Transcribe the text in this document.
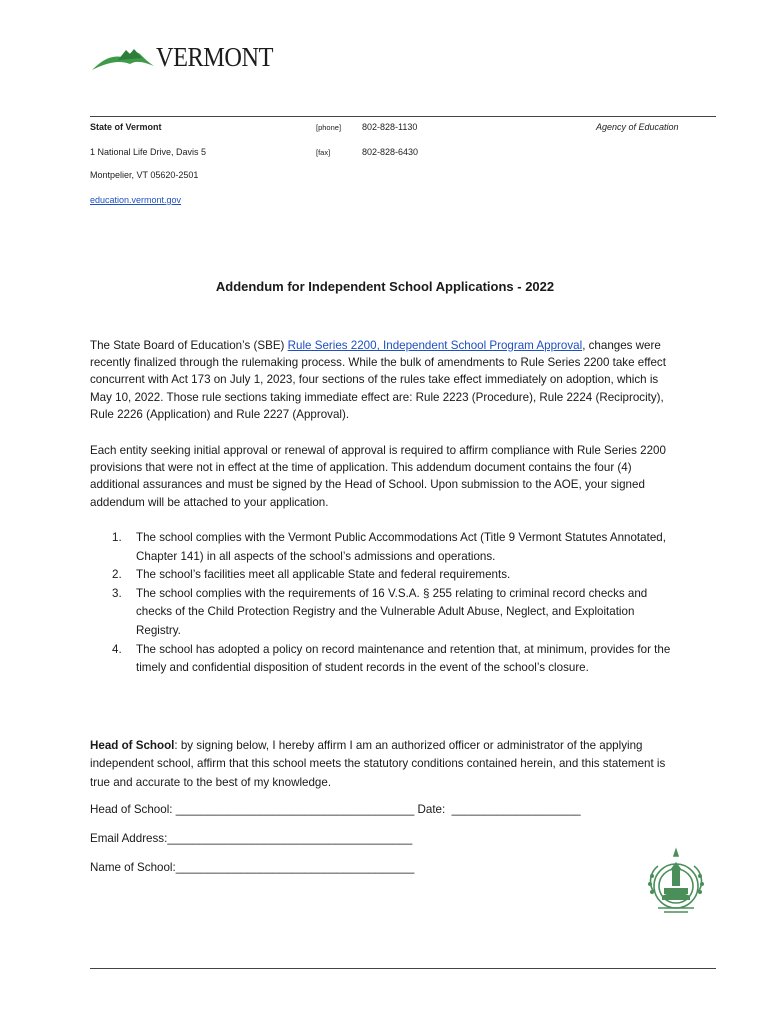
VERMONT
State of Vermont
1 National Life Drive, Davis 5
Montpelier, VT 05620-2501
education.vermont.gov
[phone] 802-828-1130
[fax]	802-828-6430
Agency of Education
Addendum for Independent School Applications - 2022
The State Board of Education’s (SBE) Rule Series 2200, Independent School Program Approval, changes were recently finalized through the rulemaking process. While the bulk of amendments to Rule Series 2200 take effect concurrent with Act 173 on July 1, 2023, four sections of the rules take effect immediately on adoption, which is May 10, 2022. Those rule sections taking immediate effect are: Rule 2223 (Procedure), Rule 2224 (Reciprocity), Rule 2226 (Application) and Rule 2227 (Approval).
Each entity seeking initial approval or renewal of approval is required to affirm compliance with Rule Series 2200 provisions that were not in effect at the time of application. This addendum document contains the four (4) additional assurances and must be signed by the Head of School. Upon submission to the AOE, your signed addendum will be attached to your application.
1. The school complies with the Vermont Public Accommodations Act (Title 9 Vermont Statutes Annotated, Chapter 141) in all aspects of the school’s admissions and operations.
2. The school’s facilities meet all applicable State and federal requirements.
3. The school complies with the requirements of 16 V.S.A. § 255 relating to criminal record checks and checks of the Child Protection Registry and the Vulnerable Adult Abuse, Neglect, and Exploitation Registry.
4. The school has adopted a policy on record maintenance and retention that, at minimum, provides for the timely and confidential disposition of student records in the event of the school’s closure.
Head of School: by signing below, I hereby affirm I am an authorized officer or administrator of the applying independent school, affirm that this school meets the statutory conditions contained herein, and this statement is true and accurate to the best of my knowledge.
Head of School: _____________________________________ Date:  ____________________
Email Address:______________________________________
Name of School:_____________________________________
